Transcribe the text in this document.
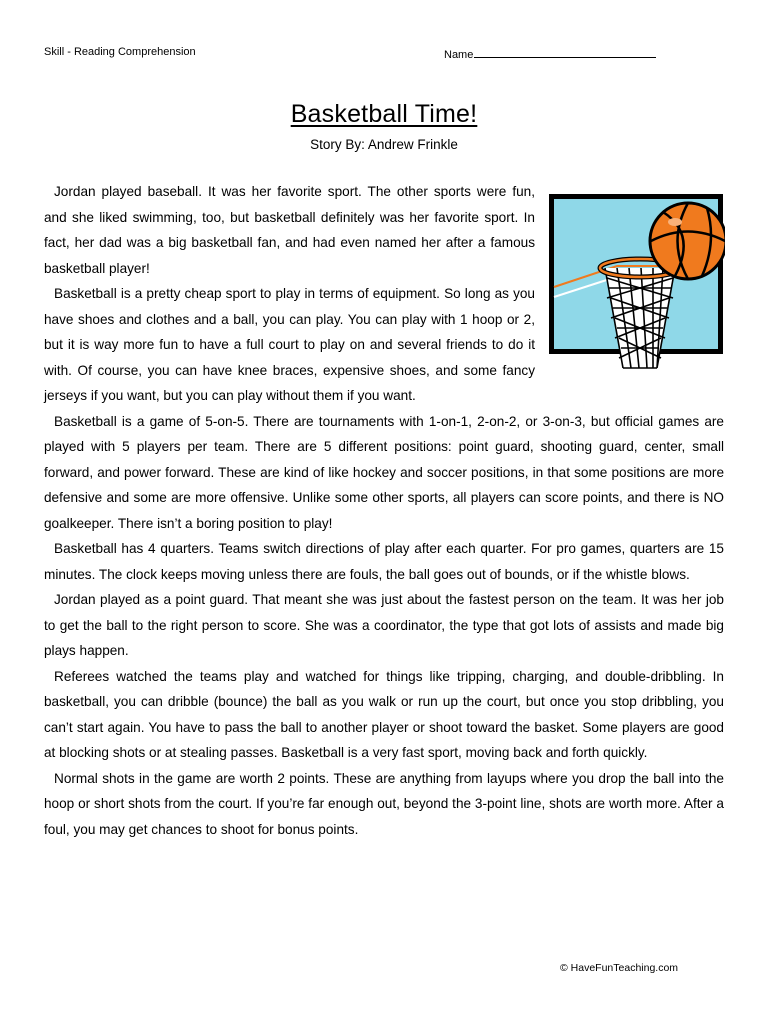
Skill - Reading Comprehension	Name
Basketball Time!
Story By: Andrew Frinkle

Jordan played baseball. It was her favorite sport. The other sports were fun, and she liked swimming, too, but basketball definitely was her favorite sport. In fact, her dad was a big basketball fan, and had even named her after a famous basketball player!

Basketball is a pretty cheap sport to play in terms of equipment. So long as you have shoes and clothes and a ball, you can play. You can play with 1 hoop or 2, but it is way more fun to have a full court to play on and several friends to do it with. Of course, you can have knee braces, expensive shoes, and some fancy jerseys if you want, but you can play without them if you want.

Basketball is a game of 5-on-5. There are tournaments with 1-on-1, 2-on-2, or 3-on-3, but official games are played with 5 players per team. There are 5 different positions: point guard, shooting guard, center, small forward, and power forward. These are kind of like hockey and soccer positions, in that some positions are more defensive and some are more offensive. Unlike some other sports, all players can score points, and there is NO goalkeeper. There isn’t a boring position to play!

Basketball has 4 quarters. Teams switch directions of play after each quarter. For pro games, quarters are 15 minutes. The clock keeps moving unless there are fouls, the ball goes out of bounds, or if the whistle blows.

Jordan played as a point guard. That meant she was just about the fastest person on the team. It was her job to get the ball to the right person to score. She was a coordinator, the type that got lots of assists and made big plays happen.

Referees watched the teams play and watched for things like tripping, charging, and double-dribbling. In basketball, you can dribble (bounce) the ball as you walk or run up the court, but once you stop dribbling, you can’t start again. You have to pass the ball to another player or shoot toward the basket. Some players are good at blocking shots or at stealing passes. Basketball is a very fast sport, moving back and forth quickly.

Normal shots in the game are worth 2 points. These are anything from layups where you drop the ball into the hoop or short shots from the court. If you’re far enough out, beyond the 3-point line, shots are worth more. After a foul, you may get chances to shoot for bonus points.

© HaveFunTeaching.com
